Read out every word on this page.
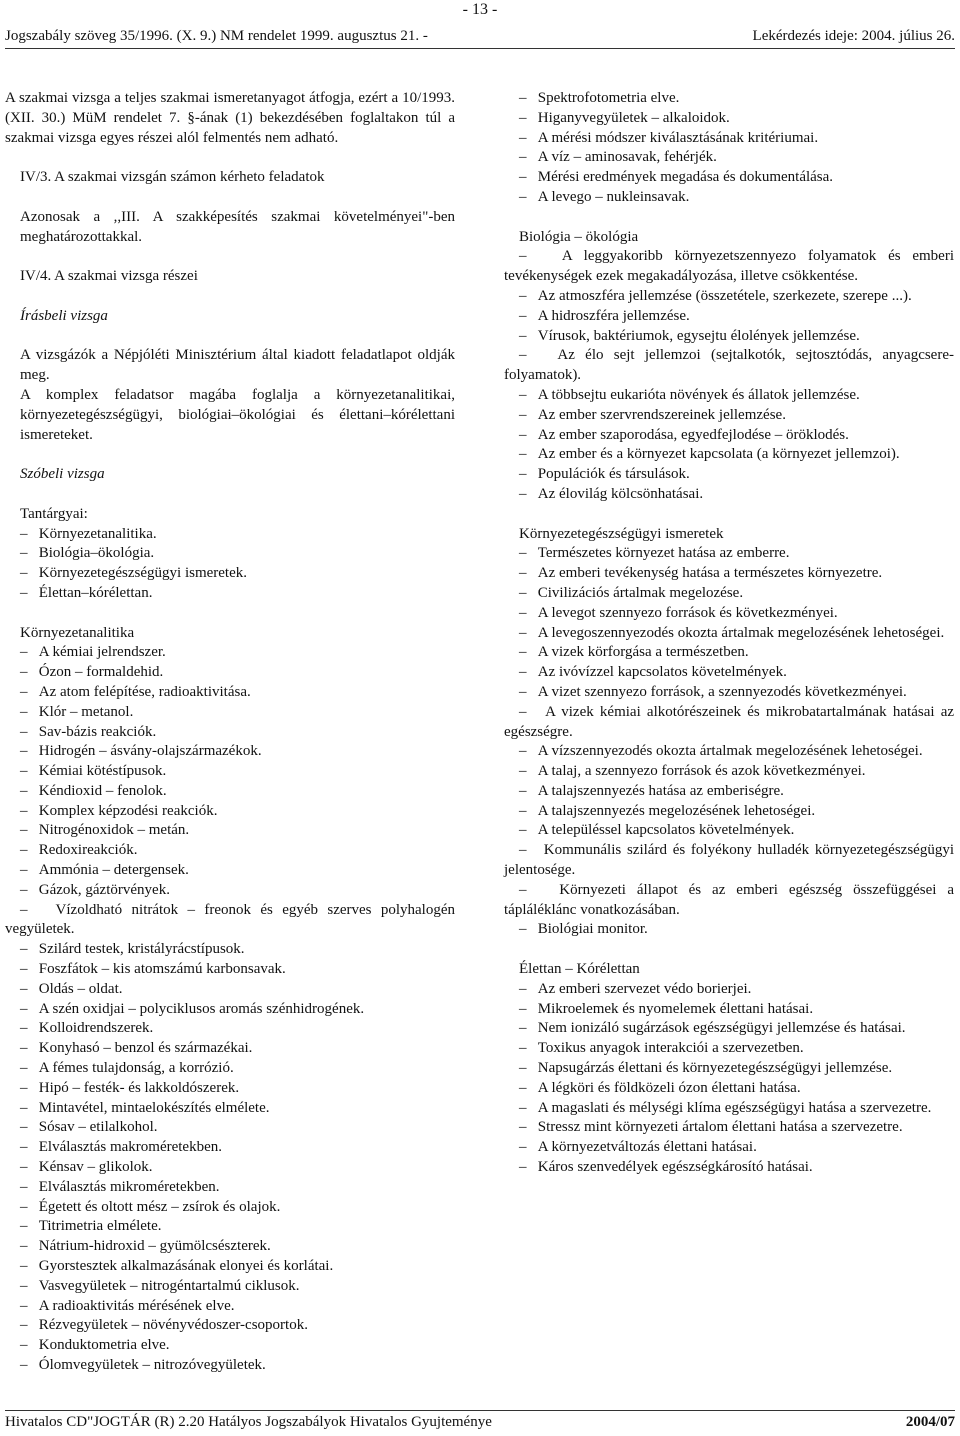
- 13 -
Jogszabály szöveg 35/1996. (X. 9.) NM rendelet 1999. augusztus 21. -	Lekérdezés ideje: 2004. július 26.

A szakmai vizsga a teljes szakmai ismeretanyagot átfogja, ezért a 10/1993. (XII. 30.) MüM rendelet 7. §-ának (1) bekezdésében foglaltakon túl a szakmai vizsga egyes részei alól felmentés nem adható.

IV/3. A szakmai vizsgán számon kérheto feladatok

Azonosak a ,,III. A szakképesítés szakmai követelményei"-ben meghatározottakkal.

IV/4. A szakmai vizsga részei

Írásbeli vizsga

A vizsgázók a Népjóléti Minisztérium által kiadott feladatlapot oldják meg.

A komplex feladatsor magába foglalja a környezetanalitikai, környezetegészségügyi, biológiai–ökológiai és élettani–kórélettani ismereteket.

Szóbeli vizsga

Tantárgyai:

–   Környezetanalitika.

–   Biológia–ökológia.

–   Környezetegészségügyi ismeretek.

–   Élettan–kórélettan.

Környezetanalitika

–   A kémiai jelrendszer.

–   Ózon – formaldehid.

–   Az atom felépítése, radioaktivitása.

–   Klór – metanol.

–   Sav-bázis reakciók.

–   Hidrogén – ásvány-olajszármazékok.

–   Kémiai kötéstípusok.

–   Kéndioxid – fenolok.

–   Komplex képzodési reakciók.

–   Nitrogénoxidok – metán.

–   Redoxireakciók.

–   Ammónia – detergensek.

–   Gázok, gáztörvények.

–   Vízoldható nitrátok – freonok és egyéb szerves polyhalogén vegyületek.

–   Szilárd testek, kristályrácstípusok.

–   Foszfátok – kis atomszámú karbonsavak.

–   Oldás – oldat.

–   A szén oxidjai – polyciklusos aromás szénhidrogének.

–   Kolloidrendszerek.

–   Konyhasó – benzol és származékai.

–   A fémes tulajdonság, a korrózió.

–   Hipó – festék- és lakkoldószerek.

–   Mintavétel, mintaelokészítés elmélete.

–   Sósav – etilalkohol.

–   Elválasztás makroméretekben.

–   Kénsav – glikolok.

–   Elválasztás mikroméretekben.

–   Égetett és oltott mész – zsírok és olajok.

–   Titrimetria elmélete.

–   Nátrium-hidroxid – gyümölcsészterek.

–   Gyorstesztek alkalmazásának elonyei és korlátai.

–   Vasvegyületek – nitrogéntartalmú ciklusok.

–   A radioaktivitás mérésének elve.

–   Rézvegyületek – növényvédoszer-csoportok.

–   Konduktometria elve.

–   Ólomvegyületek – nitrozóvegyületek.

–   Spektrofotometria elve.

–   Higanyvegyületek – alkaloidok.

–   A mérési módszer kiválasztásának kritériumai.

–   A víz – aminosavak, fehérjék.

–   Mérési eredmények megadása és dokumentálása.

–   A levego – nukleinsavak.

Biológia – ökológia

–   A leggyakoribb környezetszennyezo folyamatok és emberi tevékenységek ezek megakadályozása, illetve csökkentése.

–   Az atmoszféra jellemzése (összetétele, szerkezete, szerepe ...).

–   A hidroszféra jellemzése.

–   Vírusok, baktériumok, egysejtu élolények jellemzése.

–   Az élo sejt jellemzoi (sejtalkotók, sejtosztódás, anyagcsere-folyamatok).

–   A többsejtu eukarióta növények és állatok jellemzése.

–   Az ember szervrendszereinek jellemzése.

–   Az ember szaporodása, egyedfejlodése – öröklodés.

–   Az ember és a környezet kapcsolata (a környezet jellemzoi).

–   Populációk és társulások.

–   Az élovilág kölcsönhatásai.

Környezetegészségügyi ismeretek

–   Természetes környezet hatása az emberre.

–   Az emberi tevékenység hatása a természetes környezetre.

–   Civilizációs ártalmak megelozése.

–   A levegot szennyezo források és következményei.

–   A levegoszennyezodés okozta ártalmak megelozésének lehetoségei.

–   A vizek körforgása a természetben.

–   Az ivóvízzel kapcsolatos követelmények.

–   A vizet szennyezo források, a szennyezodés következményei.

–   A vizek kémiai alkotórészeinek és mikrobatartalmának hatásai az egészségre.

–   A vízszennyezodés okozta ártalmak megelozésének lehetoségei.

–   A talaj, a szennyezo források és azok következményei.

–   A talajszennyezés hatása az emberiségre.

–   A talajszennyezés megelozésének lehetoségei.

–   A településsel kapcsolatos követelmények.

–   Kommunális szilárd és folyékony hulladék környezetegészségügyi jelentosége.

–   Környezeti állapot és az emberi egészség összefüggései a tápláléklánc vonatkozásában.

–   Biológiai monitor.

Élettan – Kórélettan

–   Az emberi szervezet védo borierjei.

–   Mikroelemek és nyomelemek élettani hatásai.

–   Nem ionizáló sugárzások egészségügyi jellemzése és hatásai.

–   Toxikus anyagok interakciói a szervezetben.

–   Napsugárzás élettani és környezetegészségügyi jellemzése.

–   A légköri és földközeli ózon élettani hatása.

–   A magaslati és mélységi klíma egészségügyi hatása a szervezetre.

–   Stressz mint környezeti ártalom élettani hatása a szervezetre.

–   A környezetváltozás élettani hatásai.

–   Káros szenvedélyek egészségkárosító hatásai.

Hivatalos CD"JOGTÁR (R) 2.20 Hatályos Jogszabályok Hivatalos Gyujteménye	2004/07
